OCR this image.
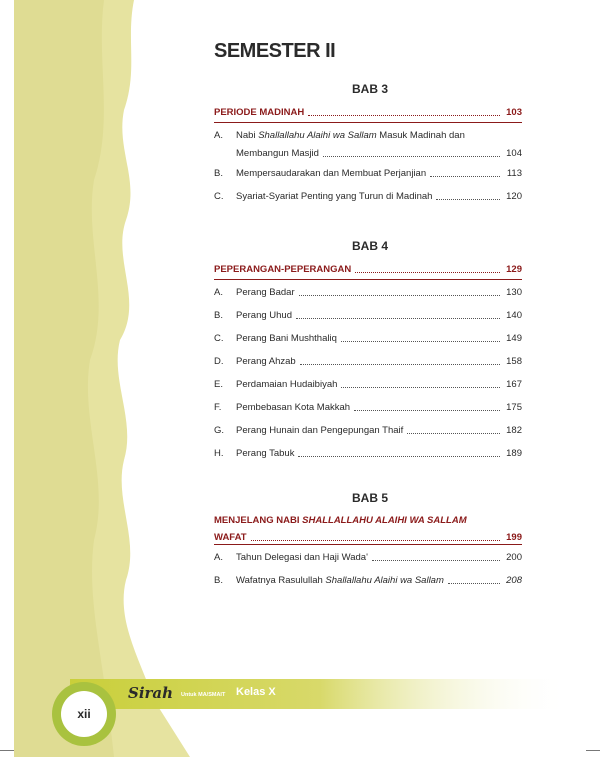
SEMESTER II
BAB 3
PERIODE MADINAH	103
A.	Nabi Shallallahu Alaihi wa Sallam Masuk Madinah dan
Membangun Masjid	104
B.	Mempersaudarakan dan Membuat Perjanjian	113
C.	Syariat-Syariat Penting yang Turun di Madinah	120
BAB 4
PEPERANGAN-PEPERANGAN	129
A.	Perang Badar	130
B.	Perang Uhud	140
C.	Perang Bani Mushthaliq	149
D.	Perang Ahzab	158
E.	Perdamaian Hudaibiyah	167
F.	Pembebasan Kota Makkah	175
G.	Perang Hunain dan Pengepungan Thaif	182
H.	Perang Tabuk	189
BAB 5
MENJELANG NABI SHALLALLAHU ALAIHI WA SALLAM
WAFAT	199
A.	Tahun Delegasi dan Haji Wada'	200
B.	Wafatnya Rasulullah Shallallahu Alaihi wa Sallam	208
xii
Sirah Untuk MA/SMAIT Kelas X
